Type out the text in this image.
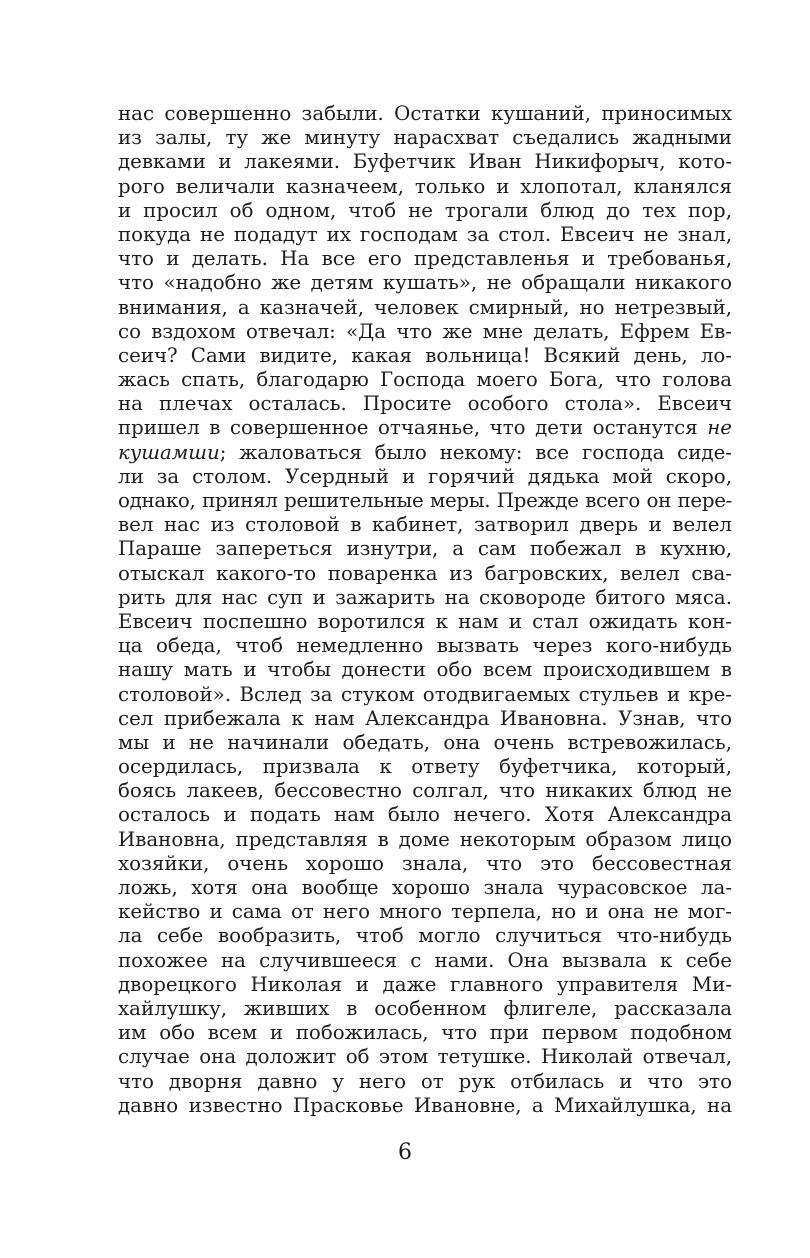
нас совершенно забыли. Остатки кушаний, приносимых
из залы, ту же минуту нарасхват съедались жадными
девками и лакеями. Буфетчик Иван Никифорыч, кото-
рого величали казначеем, только и хлопотал, кланялся
и просил об одном, чтоб не трогали блюд до тех пор,
покуда не подадут их господам за стол. Евсеич не знал,
что и делать. На все его представленья и требованья,
что «надобно же детям кушать», не обращали никакого
внимания, а казначей, человек смирный, но нетрезвый,
со вздохом отвечал: «Да что же мне делать, Ефрем Ев-
сеич? Сами видите, какая вольница! Всякий день, ло-
жась спать, благодарю Господа моего Бога, что голова
на плечах осталась. Просите особого стола». Евсеич
пришел в совершенное отчаянье, что дети останутся не
кушамши; жаловаться было некому: все господа сиде-
ли за столом. Усердный и горячий дядька мой скоро,
однако, принял решительные меры. Прежде всего он пере-
вел нас из столовой в кабинет, затворил дверь и велел
Параше запереться изнутри, а сам побежал в кухню,
отыскал какого-то поваренка из багровских, велел сва-
рить для нас суп и зажарить на сковороде битого мяса.
Евсеич поспешно воротился к нам и стал ожидать кон-
ца обеда, чтоб немедленно вызвать через кого-нибудь
нашу мать и чтобы донести обо всем происходившем в
столовой». Вслед за стуком отодвигаемых стульев и кре-
сел прибежала к нам Александра Ивановна. Узнав, что
мы и не начинали обедать, она очень встревожилась,
осердилась, призвала к ответу буфетчика, который,
боясь лакеев, бессовестно солгал, что никаких блюд не
осталось и подать нам было нечего. Хотя Александра
Ивановна, представляя в доме некоторым образом лицо
хозяйки, очень хорошо знала, что это бессовестная
ложь, хотя она вообще хорошо знала чурасовское ла-
кейство и сама от него много терпела, но и она не мог-
ла себе вообразить, чтоб могло случиться что-нибудь
похожее на случившееся с нами. Она вызвала к себе
дворецкого Николая и даже главного управителя Ми-
хайлушку, живших в особенном флигеле, рассказала
им обо всем и побожилась, что при первом подобном
случае она доложит об этом тетушке. Николай отвечал,
что дворня давно у него от рук отбилась и что это
давно известно Прасковье Ивановне, а Михайлушка, на
6
